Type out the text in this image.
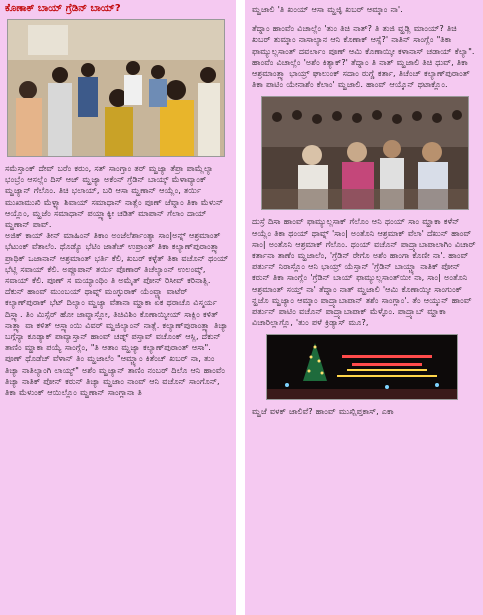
ಕೊಣಾಕ್ ಬಾಯ್ ಗ್ರೆಡಿನ್ ಬಾಯ್?

ಸಮೆಸ್ತಾಂಕ್ ದೇವ್ ಬರೆಂ ಕರುಂ, ಸತ್ ಸಾಂಗ್ತಾಂ ತರ್ ಮ್ಹಜ್ಯಾ ತೆಪ್ರಾ ಪಾಮ್ಲೆಲ್ಯಾ ಭಂಬ್ರೆಂ ಆಸಲ್ಲೆಂ ದಿಸ್ ಆಜ್ ಮ್ಹಜ್ಯಾ ಅಕೆಂನ್ ಗ್ರೆಡಿನ್ ಬಾಯ್ಕ್ ಮೆಳಾವ್ಯಾಂಕ್ ಮ್ಹಜ್ಯಾನ್ ಗೆಲೊಂ. ತಿಚಿ ಭಲಾಯ್, ಬರಿ ಆಸಾ ಮ್ಹಣಾನ್ ಆಯ್ಲೆಂ, ತರ್ಯಿ ಮುಖಾಮುಖಿ ಮೆಳ್ಳ್ಯಾ ಶಿವಾಯ್ ಸಮಾಧಾನ್ ನಾತ್ಲೆಂ ಪೂಣ್ ಜೆವ್ನಾಂ ತಿಕಾ ಮೆಳುನ್ ಆಯ್ಲೊಂ, ಮ್ಹಜೆಂ ಸಮಾಧಾನ್ ಪಯ್ಲ್ಯಾಕ್ಯೀ ಚಡಿತ್ ಮಾಪಾನ್ ಗೆಲಾಂ ದಾಯ್ ಮ್ಹಣಾನ್ ಪಾವ್.

ಅಜಿಕ್ ಕಾಯ್ ತೀನ್ ಮಾಹಿಂನ್ ತಿಕಾಂ ಅಂಜೆಲೆರ್ಶಾಂತ್ಯಾ ಸಾಂ|ಅನ್ನ್ ಆಶ್ರಮಾಂತ್ ಭೆಟುಂಕ್ ವೆತಾಲೆಂ. ಥೊಡ್ಯೊ ಭೆಟಿಂ ಜಾತೆಚ್ ಉಪ್ರಾಂತ್ ತಿಕಾ ಕಲ್ಯಾಣ್‌ಪುರಾಂತ್ಲ್ಯಾ ಪ್ರಾಥಿಕ್ ಒಜಾನಾನ್ ಆಶ್ರಮಾಂತ್ ಭರ್ತಿ ಕೆಲಿ, ಖಬರ್ ಕಳ್ಳೆತ್ ತಿಕಾ ವಚೊನ್ ಥಂಯ್ ಭೆಟ್ಲಿ ಸವಾಯ್ ಕೆಲಿ. ಅಪ್ಲೂಪಾನ್ ತರ್ಯಿ ಪೊಣಾರ್ ತಿಚೆಲ್ಯಾಂನ್ ಉಲಂವ್ಕ್, ಸವಾಯ್ ಕೆಲಿ. ಪೂಣ್ ಸ ಮಯ್ಯಾಂಥಿಂ ತಿ ಅಮೈತ್ ಪೋನ್ ರಿಸೀವ್ ಕರಿನಾತ್ಲಿ. ದೆಕುನ್ ಹಾಂವ್ ಮುಂಬಯ್ ಥಾವ್ನ್ ಮಂಗ್ಳುರಾಕ್ ಯೆಂವ್ಚ್ಯಾ ವಾಟೆರ್ ಕಲ್ಯಾಣ್‌ಪುರಾಕ್ ಭೆಟ್ ದಿಲ್ಯಾಂ ಮ್ಹಜ್ಯಾ ವೆತಾನಾ ಮ್ಹಾಕಾ ಏಕ ಥರಾಚೊ ವಿಸ್ಮರ್ಯ ದಿಸ್ಲ್ಯಾ. ತಿಂ ಮಿಸ್ಸೆರ್ ಹೋ ಜಾವ್ನಾಸ್ಲೋ, ತಿಚಿವಿಶಿಂ ಕೊಣಾಯ್ಯೀಯ್ ಸಾಕ್ಲಿಂ ಕಳಿತ್ ನಾತ್ಲ್ಯಾ ವಾ ಕಳಿತ್ ಆಸ್ಲ್ಯಾಂಯಿ ವಿವರ್ ಮ್ಹಜಿಲ್ಯಾಂನ್ ನಾತ್ಲೆ. ಕಲ್ಯಾಣ್‌ಪುರಾಂತ್ಲ್ಯಾ ತಿಚ್ಯಾ ಬಗ್ಗೆನ್ಯಾ ಕೂಡ್ಯಾಕ್ ಪಾವ್ಯಾಸ್ತಾನ್ ಹಾಂವ್ ಚಡ್ನ್ ಪಸ್ತಾವ್ ವಚೊಂಕ್ ಆಸ್ಲಿ, ದೆಕುನ್ ತಾಣಿಂ ಮ್ಹಾಕಾ ಪಯ್ಯೆ ಸಾಂಗ್ಲೆಂ, "ತಿ ಆತಾಂ ಮ್ಹಜ್ಯಾ ಕಲ್ಯಾಣ್‌ಪುರಾಂತ್ ಆಸಾ". ಪೂಣ್ ಥೊಡೆಚ್ ವೆಳಾನ್ ತಿಂ ಮ್ಹಜಾಲೆಂ "ಆಮ್ಚ್ಯಾಂ ಕಿತೆಂಚ್ ಖಬರ್ ನಾ, ತುಂ ತಿಚ್ಯಾ ನಾತಿಲ್ಯಾಂಗಿ ಲಾಯ್ಯ್" ಅಶೆಂ ಮ್ಹಜ್ಯಾನ್ ತಾಣಿಂ ನಂಬರ್ ದಿಲೊ ಆನಿ ಹಾಂವೆಂ ತಿಚ್ಯಾ ನಾತಿಕ್ ಪೋನ್ ಕರುನ್ ತಿಚ್ಯಾ ಮ್ಹಜಾಂ ನಾಂವ್ ಆನಿ ವಚೊನ್ ಸಾಂಗೊನ್, ತಿಕಾ ಮೆಳುಂಕ್ ಆಯಿಲ್ಲೊಂ ಮ್ಹಣಾನ್ ಸಾಂಗ್ಲಾನಾ ತಿ

ಮ್ಹಜಾಲಿ 'ತಿ ಖಂಯ್ ಆಸಾ ಮ್ಹಜ್ಳಿ ಖಬರ್ ಆಮ್ಕಾಂ ನಾ'.

ತೆದ್ನಾಂ ಹಾಂವೆಂ ವಿಚಾಲ್ಲೆಂ 'ತುಂ ತಿಚಿ ನಾತ್? ತಿ ತುಜಿ ವ್ಹಡ್ಲಿ ಮಾಂಯ್? ತಿಚಿ ಖಬರ್ ತುಮ್ಕಾಂ ನಾಸಾಲ್ಯಾನ ಆನಿ ಕೊಣಾಕ್ ಆಸ್ಸೆ?' ನಾತಿನ್ ಸಾಂಗ್ಲೆಂ "ತಿಕಾ ಫಾಮ್ಯುಲ್ಲಸಾಂತ್ ದವರ್ಲಾಂ ಪೂಣ್ ಆಮಿ ಕೊಣಾಯ್ಕೀ ಕಳಾನಾಸ್ ಚಡಾಯ್ ಕೆಲ್ಯಾ". ಹಾಂವೆಂ ವಿಚಾಲ್ಲೆಂ 'ಅಶೆಂ ಕಿತ್ಯಾಕ್?' ತೆದ್ನಾಂ ತಿ ನಾತ್ ಮ್ಹಜಾಲಿ ತಿಚಿ ಧುವ್, ತಿಕಾ ಆಶ್ರಮಾಂತ್ಲ್ಯಾ ಭಾಯ್ರ್ ಘಾಲುಂಕ್ ಸದಾಂ ರುಗ್ಣೆ ಕರ್ತಾ, ತಿಚೆಂಚ್ ಕಲ್ಯಾಣ್‌ಪುರಾಂತ್ ತಿಕಾ ಪಾಟಿಂ ಯೇನಾಶೆಂ ಕೆಲಾಂ' ಮ್ಹಜಾಲಿ. ಹಾಂವ್ ಆಯ್ಕೊನ್ ಥಟಾಕ್ಲೊಂ.

ದುಸ್ರೆ ದಿಸಾ ಹಾಂವ್ ಫಾಮ್ಯುಲ್ಲಸಾಕ್ ಗೆಲೊಂ ಆನಿ ಥಂಯ್ ಸಾಂ ಮ್ಹಾಕಾ ಕಳೆನ್ ಆಯ್ಲೆಂ ತಿಕಾ ಥಂಯ್ ಥಾವ್ನ್ 'ಸಾಂ| ಅಂತೊನಿ ಆಶ್ರಮಾಕ್ ವೆಲಾ' ದೆಖುನ್ ಹಾಂವ್ ಸಾಂ| ಅಂತೊನಿ ಆಶ್ರಮಾಕ್ ಗೆಲೊಂ. ಥಂಯ್ ವಚೊನ್ ಪಾದ್ರ್ಯಾಬಾಪಾಲಾಗಿಂ ವಿಚಾರ್ ಕರ್ತಾನಾ ತಾಣೆಂ ಮ್ಹಜಾಲೆಂ, 'ಗ್ರೆಡಿನ್ ರೇಗೊ ಅಶೆಂ ಹಾಂಗಾ ಕೊಣೀ ನಾ'. ಹಾಂವ್ ಪರ್ತುನ್ ನಿರಾಸ್ಲೊಂ ಆನಿ ಭಾಯ್ರ್ ಯೆಸ್ತಾನ್ 'ಗ್ರೆಡಿನ್ ಬಾಯ್ಚ್ಯಾ ನಾತಿಕ್ ಪೋನ್ ಕರುನ್ ತಿಕಾ ಸಾಂಗ್ಲೆಂ 'ಗ್ರೆಡಿನ್ ಬಾಯ್ ಫಾಮ್ಯುಲ್ಲಸಾಂತ್‌ಯೀ ನಾ, ಸಾಂ| ಅಂತೊನಿ ಆಶ್ರಮಾಂತ್ ಸಯ್ತ್ ನಾ' ತೆದ್ನಾಂ ನಾತ್ ಮ್ಹಜಾಲಿ 'ಆಮಿ ಕೊಣಾಯ್ಕೀ ಸಾಂಗುಂಕ್ ನ್ಹಜೊ ಮ್ಹಜ್ಯಾಂ ಆಮ್ಕಾಂ ಪಾದ್ರ್ಯಾಬಾಪಾನ್ ತಶೆಂ ಸಾಂಗ್ಲಾಂ'. ತೆಂ ಆಯ್ಕುನ್ ಹಾಂವ್ ಪರ್ತುನ್ ಪಾಟಿಂ ವಚೊನ್ ಪಾದ್ರ್ಯಾಬಾಪಾಕ್ ಮೆಳ್ಳೊಂ. ಪಾದ್ರ್ಯಾಬ್ ಮ್ಹಾಕಾ ವಿಚಾರಿಲ್ಲಾಗ್ಲೊ, 'ತುಂ ಪಳೆ ಕ್ರಿಡ್ಯಾಸ್ ಮೂ?,

ಮ್ಹಜೆ ವಳಕ್ ಜಾಲಿವೆ? ಹಾಂವ್ ಮುಖ್ಷಿಪ್ತಕಾಸ್, ಎಕಾ
